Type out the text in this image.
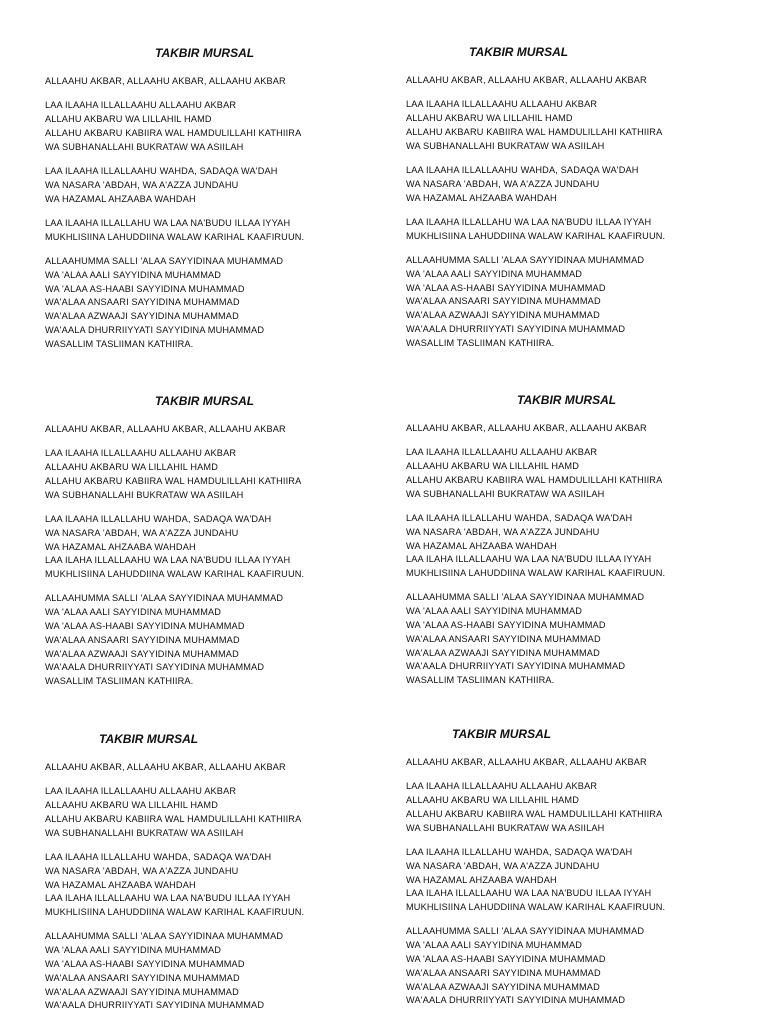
TAKBIR MURSAL
ALLAAHU AKBAR, ALLAAHU AKBAR, ALLAAHU AKBAR
LAA ILAAHA ILLALLAAHU ALLAAHU AKBAR
ALLAHU AKBARU WA LILLAHIL HAMD
ALLAHU AKBARU KABIIRA WAL HAMDULILLAHI KATHIIRA
WA SUBHANALLAHI BUKRATAW WA ASIILAH
LAA ILAAHA ILLALLAAHU WAHDA, SADAQA WA'DAH
WA NASARA 'ABDAH, WA A'AZZA JUNDAHU
WA HAZAMAL AHZAABA WAHDAH
LAA ILAAHA ILLALLAHU WA LAA NA'BUDU ILLAA IYYAH
MUKHLISIINA LAHUDDIINA WALAW KARIHAL KAAFIRUUN.
ALLAAHUMMA SALLI 'ALAA SAYYIDINAA MUHAMMAD
WA 'ALAA AALI SAYYIDINA MUHAMMAD
WA 'ALAA AS-HAABI SAYYIDINA MUHAMMAD
WA'ALAA ANSAARI SAYYIDINA MUHAMMAD
WA'ALAA AZWAAJI SAYYIDINA MUHAMMAD
WA'AALA DHURRIIYYATI SAYYIDINA MUHAMMAD
WASALLIM TASLIIMAN KATHIIRA.
TAKBIR MURSAL
ALLAAHU AKBAR, ALLAAHU AKBAR, ALLAAHU AKBAR
LAA ILAAHA ILLALLAAHU ALLAAHU AKBAR
ALLAHU AKBARU WA LILLAHIL HAMD
ALLAHU AKBARU KABIIRA WAL HAMDULILLAHI KATHIIRA
WA SUBHANALLAHI BUKRATAW WA ASIILAH
LAA ILAAHA ILLALLAAHU WAHDA, SADAQA WA'DAH
WA NASARA 'ABDAH, WA A'AZZA JUNDAHU
WA HAZAMAL AHZAABA WAHDAH
LAA ILAAHA ILLALLAHU WA LAA NA'BUDU ILLAA IYYAH
MUKHLISIINA LAHUDDIINA WALAW KARIHAL KAAFIRUUN.
ALLAAHUMMA SALLI 'ALAA SAYYIDINAA MUHAMMAD
WA 'ALAA AALI SAYYIDINA MUHAMMAD
WA 'ALAA AS-HAABI SAYYIDINA MUHAMMAD
WA'ALAA ANSAARI SAYYIDINA MUHAMMAD
WA'ALAA AZWAAJI SAYYIDINA MUHAMMAD
WA'AALA DHURRIIYYATI SAYYIDINA MUHAMMAD
WASALLIM TASLIIMAN KATHIIRA.
TAKBIR MURSAL
ALLAAHU AKBAR, ALLAAHU AKBAR, ALLAAHU AKBAR
LAA ILAAHA ILLALLAAHU ALLAAHU AKBAR
ALLAAHU AKBARU WA LILLAHIL HAMD
ALLAHU AKBARU KABIIRA WAL HAMDULILLAHI KATHIIRA
WA SUBHANALLAHI BUKRATAW WA ASIILAH
LAA ILAAHA ILLALLAHU WAHDA, SADAQA WA'DAH
WA NASARA 'ABDAH, WA A'AZZA JUNDAHU
WA HAZAMAL AHZAABA WAHDAH
LAA ILAHA ILLALLAAHU WA LAA NA'BUDU ILLAA IYYAH
MUKHLISIINA LAHUDDIINA WALAW KARIHAL KAAFIRUUN.
ALLAAHUMMA SALLI 'ALAA SAYYIDINAA MUHAMMAD
WA 'ALAA AALI SAYYIDINA MUHAMMAD
WA 'ALAA AS-HAABI SAYYIDINA MUHAMMAD
WA'ALAA ANSAARI SAYYIDINA MUHAMMAD
WA'ALAA AZWAAJI SAYYIDINA MUHAMMAD
WA'AALA DHURRIIYYATI SAYYIDINA MUHAMMAD
WASALLIM TASLIIMAN KATHIIRA.
TAKBIR MURSAL
ALLAAHU AKBAR, ALLAAHU AKBAR, ALLAAHU AKBAR
LAA ILAAHA ILLALLAAHU ALLAAHU AKBAR
ALLAAHU AKBARU WA LILLAHIL HAMD
ALLAHU AKBARU KABIIRA WAL HAMDULILLAHI KATHIIRA
WA SUBHANALLAHI BUKRATAW WA ASIILAH
LAA ILAAHA ILLALLAHU WAHDA, SADAQA WA'DAH
WA NASARA 'ABDAH, WA A'AZZA JUNDAHU
WA HAZAMAL AHZAABA WAHDAH
LAA ILAHA ILLALLAAHU WA LAA NA'BUDU ILLAA IYYAH
MUKHLISIINA LAHUDDIINA WALAW KARIHAL KAAFIRUUN.
ALLAAHUMMA SALLI 'ALAA SAYYIDINAA MUHAMMAD
WA 'ALAA AALI SAYYIDINA MUHAMMAD
WA 'ALAA AS-HAABI SAYYIDINA MUHAMMAD
WA'ALAA ANSAARI SAYYIDINA MUHAMMAD
WA'ALAA AZWAAJI SAYYIDINA MUHAMMAD
WA'AALA DHURRIIYYATI SAYYIDINA MUHAMMAD
WASALLIM TASLIIMAN KATHIIRA.
TAKBIR MURSAL
ALLAAHU AKBAR, ALLAAHU AKBAR, ALLAAHU AKBAR
LAA ILAAHA ILLALLAAHU ALLAAHU AKBAR
ALLAAHU AKBARU WA LILLAHIL HAMD
ALLAHU AKBARU KABIIRA WAL HAMDULILLAHI KATHIIRA
WA SUBHANALLAHI BUKRATAW WA ASIILAH
LAA ILAAHA ILLALLAHU WAHDA, SADAQA WA'DAH
WA NASARA 'ABDAH, WA A'AZZA JUNDAHU
WA HAZAMAL AHZAABA WAHDAH
LAA ILAHA ILLALLAAHU WA LAA NA'BUDU ILLAA IYYAH
MUKHLISIINA LAHUDDIINA WALAW KARIHAL KAAFIRUUN.
ALLAAHUMMA SALLI 'ALAA SAYYIDINAA MUHAMMAD
WA 'ALAA AALI SAYYIDINA MUHAMMAD
WA 'ALAA AS-HAABI SAYYIDINA MUHAMMAD
WA'ALAA ANSAARI SAYYIDINA MUHAMMAD
WA'ALAA AZWAAJI SAYYIDINA MUHAMMAD
WA'AALA DHURRIIYYATI SAYYIDINA MUHAMMAD
TAKBIR MURSAL
ALLAAHU AKBAR, ALLAAHU AKBAR, ALLAAHU AKBAR
LAA ILAAHA ILLALLAAHU ALLAAHU AKBAR
ALLAAHU AKBARU WA LILLAHIL HAMD
ALLAHU AKBARU KABIIRA WAL HAMDULILLAHI KATHIIRA
WA SUBHANALLAHI BUKRATAW WA ASIILAH
LAA ILAAHA ILLALLAHU WAHDA, SADAQA WA'DAH
WA NASARA 'ABDAH, WA A'AZZA JUNDAHU
WA HAZAMAL AHZAABA WAHDAH
LAA ILAHA ILLALLAAHU WA LAA NA'BUDU ILLAA IYYAH
MUKHLISIINA LAHUDDIINA WALAW KARIHAL KAAFIRUUN.
ALLAAHUMMA SALLI 'ALAA SAYYIDINAA MUHAMMAD
WA 'ALAA AALI SAYYIDINA MUHAMMAD
WA 'ALAA AS-HAABI SAYYIDINA MUHAMMAD
WA'ALAA ANSAARI SAYYIDINA MUHAMMAD
WA'ALAA AZWAAJI SAYYIDINA MUHAMMAD
WA'AALA DHURRIIYYATI SAYYIDINA MUHAMMAD
